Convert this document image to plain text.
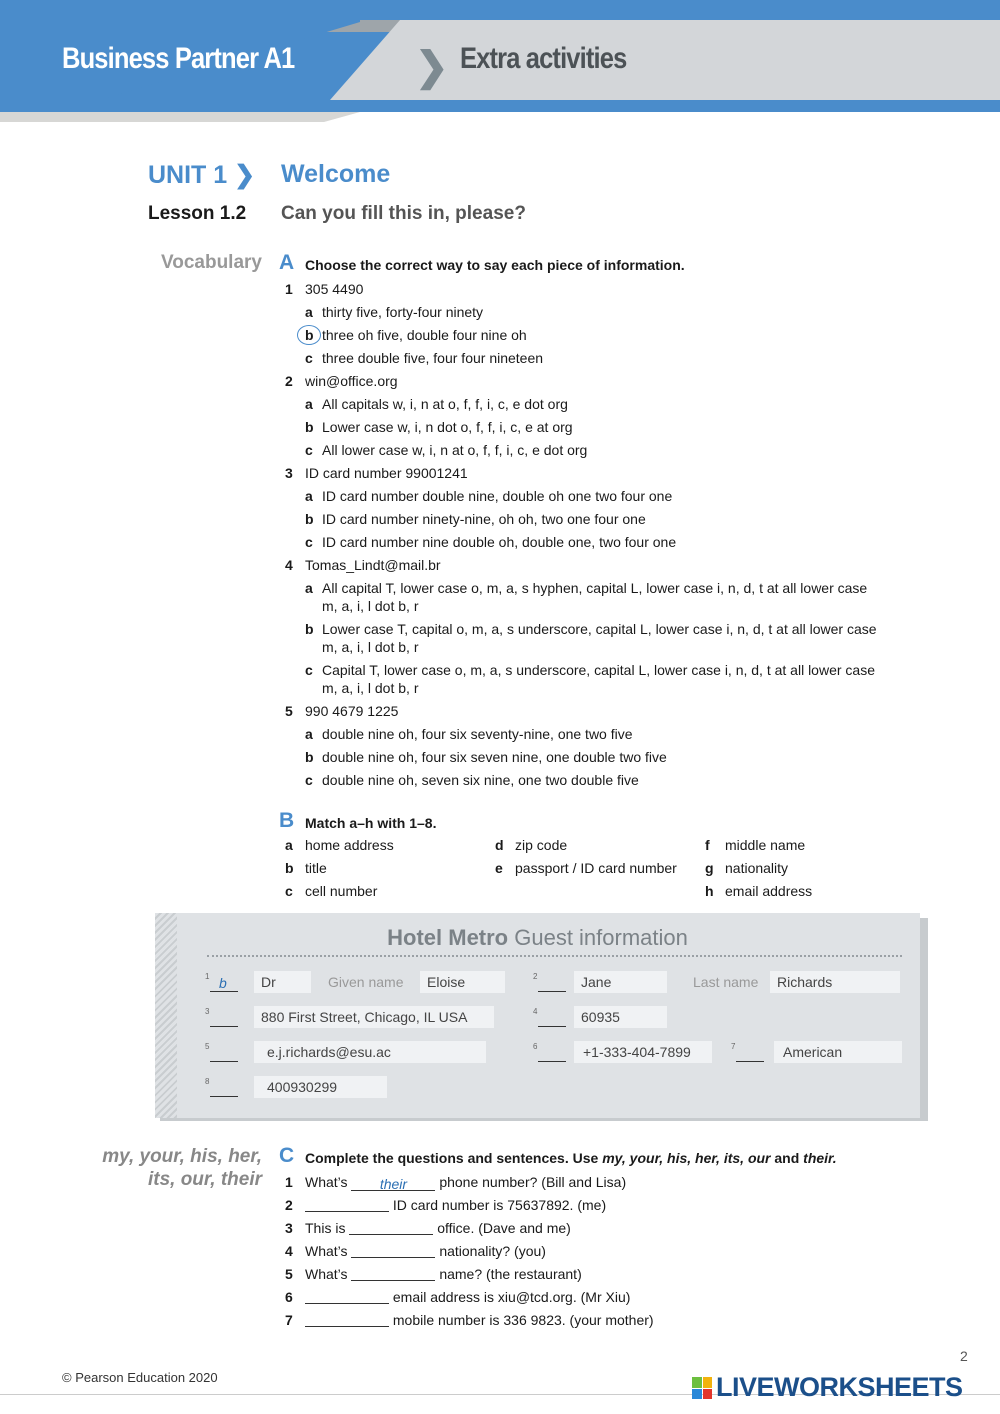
Business Partner A1	❯ Extra activities
UNIT 1 ❯ Welcome
Lesson 1.2 Can you fill this in, please?
Vocabulary A Choose the correct way to say each piece of information.
1 305 4490
a thirty five, forty-four ninety
b three oh five, double four nine oh
c three double five, four four nineteen
2 win@office.org
a All capitals w, i, n at o, f, f, i, c, e dot org
b Lower case w, i, n dot o, f, f, i, c, e at org
c All lower case w, i, n at o, f, f, i, c, e dot org
3 ID card number 99001241
a ID card number double nine, double oh one two four one
b ID card number ninety-nine, oh oh, two one four one
c ID card number nine double oh, double one, two four one
4 Tomas_Lindt@mail.br
a All capital T, lower case o, m, a, s hyphen, capital L, lower case i, n, d, t at all lower case m, a, i, l dot b, r
b Lower case T, capital o, m, a, s underscore, capital L, lower case i, n, d, t at all lower case m, a, i, l dot b, r
c Capital T, lower case o, m, a, s underscore, capital L, lower case i, n, d, t at all lower case m, a, i, l dot b, r
5 990 4679 1225
a double nine oh, four six seventy-nine, one two five
b double nine oh, four six seven nine, one double two five
c double nine oh, seven six nine, one two double five
B Match a–h with 1–8.
a home address	d zip code	f	middle name
b title	e passport / ID card number g nationality
c cell number	h email address
Hotel Metro Guest information
1 b	Dr	Given name	Eloise	2	Jane	Last name	Richards
3	880 First Street, Chicago, IL USA	4	60935
5	e.j.richards@esu.ac	6	+1-333-404-7899	7	American
8	400930299
my, your, his, her,
its, our, their
C Complete the questions and sentences. Use my, your, his, her, its, our and their.
1 What’s their phone number? (Bill and Lisa)
2	ID card number is 75637892. (me)
3 This is	office. (Dave and me)
4 What’s	nationality? (you)
5 What’s	name? (the restaurant)
6	email address is xiu@tcd.org. (Mr Xiu)
7	mobile number is 336 9823. (your mother)
© Pearson Education 2020
2
LIVEWORKSHEETS
